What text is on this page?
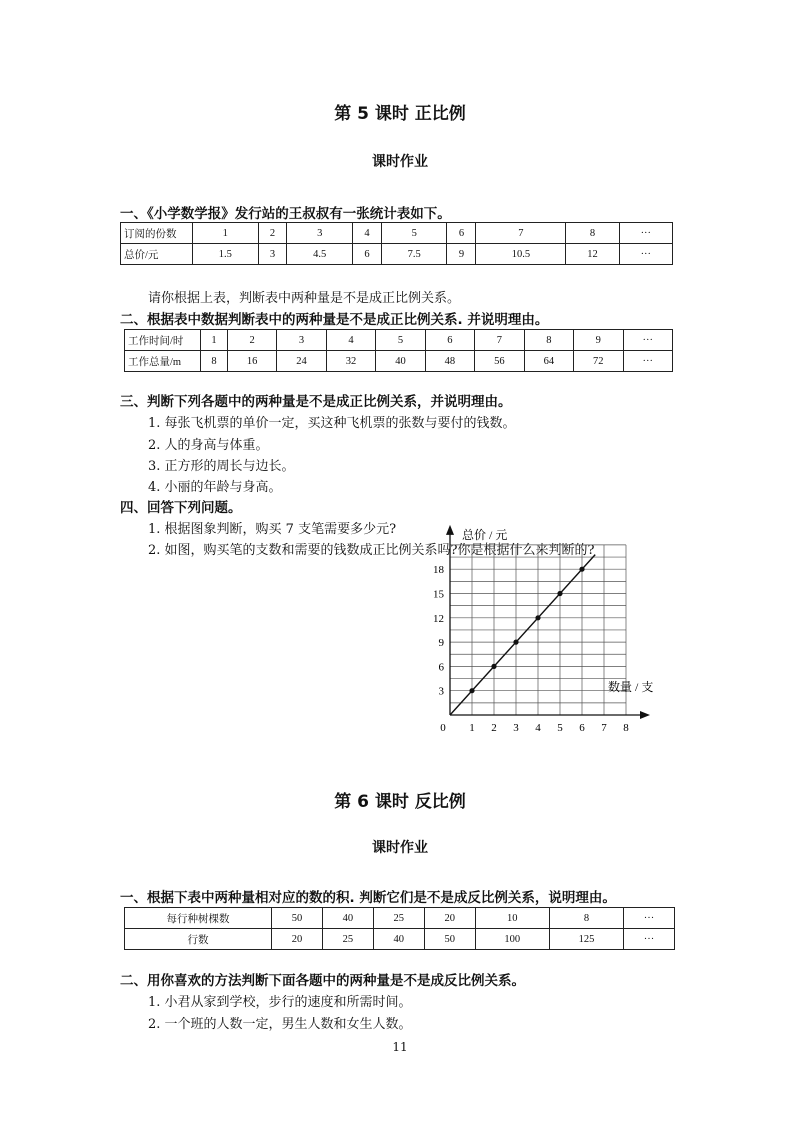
第 5 课时 正比例
课时作业
一、《小学数学报》发行站的王叔叔有一张统计表如下。
订阅的份数	1	2	3	4	5	6	7	8	···
总价/元	1.5	3	4.5	6	7.5	9	10.5	12	···
请你根据上表，判断表中两种量是不是成正比例关系。
二、根据表中数据判断表中的两种量是不是成正比例关系. 并说明理由。
工作时间/时	1	2	3	4	5	6	7	8	9	···
工作总量/m	8	16	24	32	40	48	56	64	72	···
三、判断下列各题中的两种量是不是成正比例关系，并说明理由。
1. 每张飞机票的单价一定，买这种飞机票的张数与要付的钱数。
2. 人的身高与体重。
3. 正方形的周长与边长。
4. 小丽的年龄与身高。
四、回答下列问题。
1. 根据图象判断，购买 7 支笔需要多少元?
2. 如图，购买笔的支数和需要的钱数成正比例关系吗?你是根据什么来判断的?
1 2 3 4 5 6 7 8
3
6
9
12
15
18
总价 / 元
数量 / 支
0
第 6 课时 反比例
课时作业
一、根据下表中两种量相对应的数的积. 判断它们是不是成反比例关系，说明理由。
每行种树棵数	50	40	25	20	10	8	···
行数	20	25	40	50	100	125	···
二、用你喜欢的方法判断下面各题中的两种量是不是成反比例关系。
1. 小君从家到学校，步行的速度和所需时间。
2. 一个班的人数一定，男生人数和女生人数。
11
